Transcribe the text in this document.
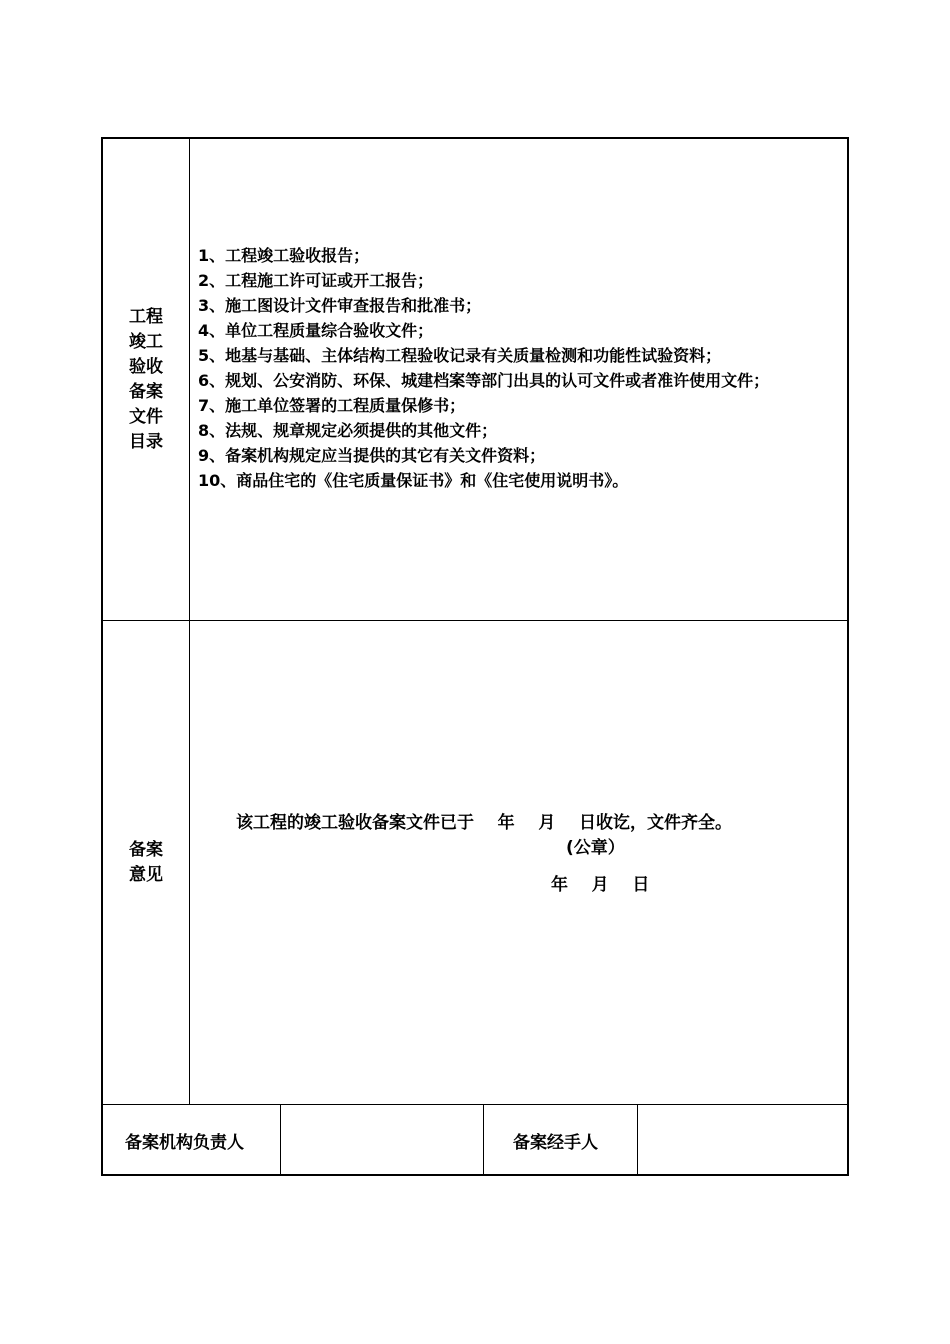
工程
竣工
验收
备案
文件
目录
1、工程竣工验收报告；
2、工程施工许可证或开工报告；
3、施工图设计文件审查报告和批准书；
4、单位工程质量综合验收文件；
5、地基与基础、主体结构工程验收记录有关质量检测和功能性试验资料；
6、规划、公安消防、环保、城建档案等部门出具的认可文件或者准许使用文件；
7、施工单位签署的工程质量保修书；
8、法规、规章规定必须提供的其他文件；
9、备案机构规定应当提供的其它有关文件资料；
10、商品住宅的《住宅质量保证书》和《住宅使用说明书》。
备案
意见
该工程的竣工验收备案文件已于    年    月    日收讫，文件齐全。
(公章）
年    月    日
备案机构负责人	备案经手人
